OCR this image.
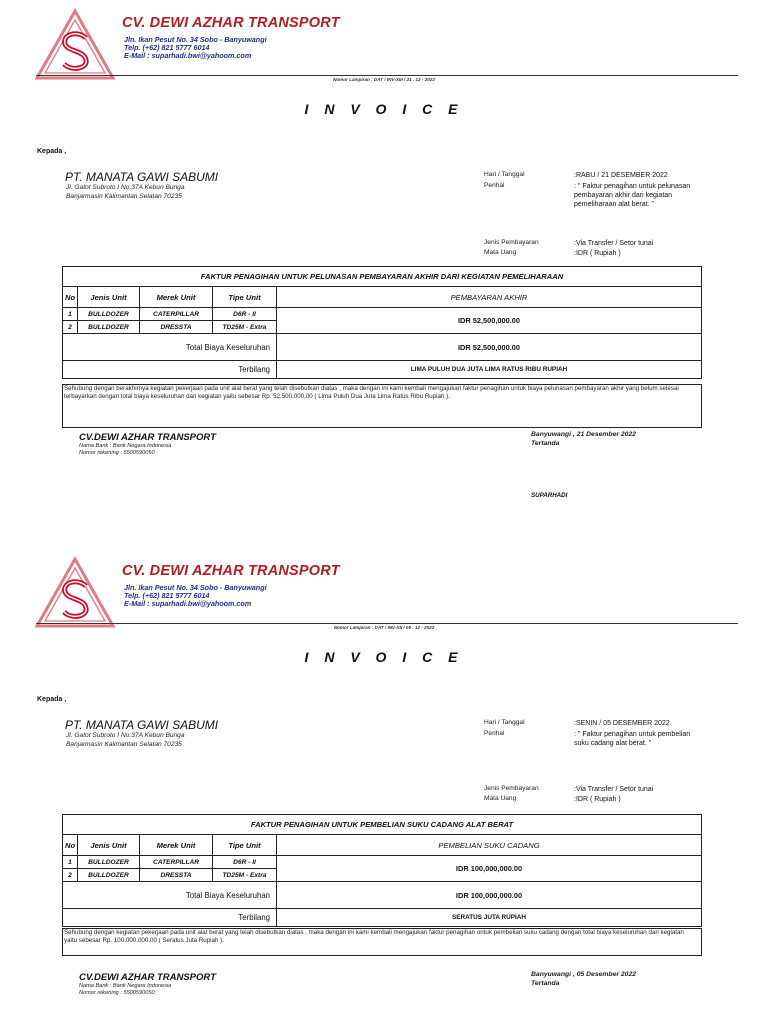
CV. DEWI AZHAR TRANSPORT
Jln. Ikan Pesut No. 34 Sobo - Banyuwangi
Telp. (+62) 821 5777 6014
E-Mail : suparhadi.bwi@yahoom.com
Nomor Lampiran : DAT / INV-XIII / 21 . 12 - 2022
I N V O I C E
Kepada ,
PT. MANATA GAWI SABUMI
Jl. Gatot Subroto I No.37A Kebun Bunga
Banjarmasin Kalimantan Selatan 70235
Hari / Tanggal	:RABU / 21 DESEMBER 2022
Perihal	: " Faktur penagihan untuk pelunasan pembayaran akhir dari kegiatan pemeliharaan alat berat. "
Jenis Pembayaran	:Via Transfer / Setor tunai
Mata Uang	:IDR ( Rupiah )
FAKTUR PENAGIHAN UNTUK PELUNASAN PEMBAYARAN AKHIR DARI KEGIATAN PEMELIHARAAN				
No	Jenis Unit	Merek Unit	Tipe Unit	PEMBAYARAN AKHIR
1	BULLDOZER	CATERPILLAR	D6R - II	IDR 52,500,000.00
2	BULLDOZER	DRESSTA	TD25M - Extra	
Total Biaya Keseluruhan				IDR 52,500,000.00
Terbilang				LIMA PULUH DUA JUTA LIMA RATUS RIBU RUPIAH
Sehubung dengan berakhirnya kegiatan pekerjaan pada unit alat berat yang telah disebutkan diatas , maka dengan ini kami kembali mengajukan faktur penagihan untuk biaya pelunasan pembayaran akhir yang belum selesai terbayarkan dengan total biaya keseluruhan dari kegiatan yaitu sebesar Rp. 52.500.000,00 ( Lima Puluh Dua Juta Lima Ratus Ribu Rupiah ).
CV.DEWI AZHAR TRANSPORT
Nama Bank : Bank Negara Indonesia
Nomor rekening : 5500590050
Banyuwangi , 21 Desember 2022
Tertanda
SUPARHADI
CV. DEWI AZHAR TRANSPORT
Jln. Ikan Pesut No. 34 Sobo - Banyuwangi
Telp. (+62) 821 5777 6014
E-Mail : suparhadi.bwi@yahoom.com
Nomor Lampiran : DAT / INV-XII / 05 . 12 - 2022
I N V O I C E
Kepada ,
PT. MANATA GAWI SABUMI
Jl. Gatot Subroto I No.37A Kebun Bunga
Banjarmasin Kalimantan Selatan 70235
Hari / Tanggal	:SENIN / 05 DESEMBER 2022
Perihal	: " Faktur penagihan untuk pembelian suku cadang alat berat. "
Jenis Pembayaran	:Via Transfer / Setor tunai
Mata Uang	:IDR ( Rupiah )
FAKTUR PENAGIHAN UNTUK PEMBELIAN SUKU CADANG ALAT BERAT				
No	Jenis Unit	Merek Unit	Tipe Unit	PEMBELIAN SUKU CADANG
1	BULLDOZER	CATERPILLAR	D6R - II	IDR 100,000,000.00
2	BULLDOZER	DRESSTA	TD25M - Extra	
Total Biaya Keseluruhan				IDR 100,000,000.00
Terbilang				SERATUS JUTA RUPIAH
Sehubung dengan kegiatan pekerjaan pada unit alat berat yang telah disebutkan diatas , maka dengan ini kami kembali mengajukan faktur penagihan untuk pembelian suku cadang dengan total biaya keseluruhan dari kegiatan yaitu sebesar Rp. 100.000.000,00 ( Seratus Juta Rupiah ).
CV.DEWI AZHAR TRANSPORT
Nama Bank : Bank Negara Indonesia
Nomor rekening : 5500590050
Banyuwangi , 05 Desember 2022
Tertanda
